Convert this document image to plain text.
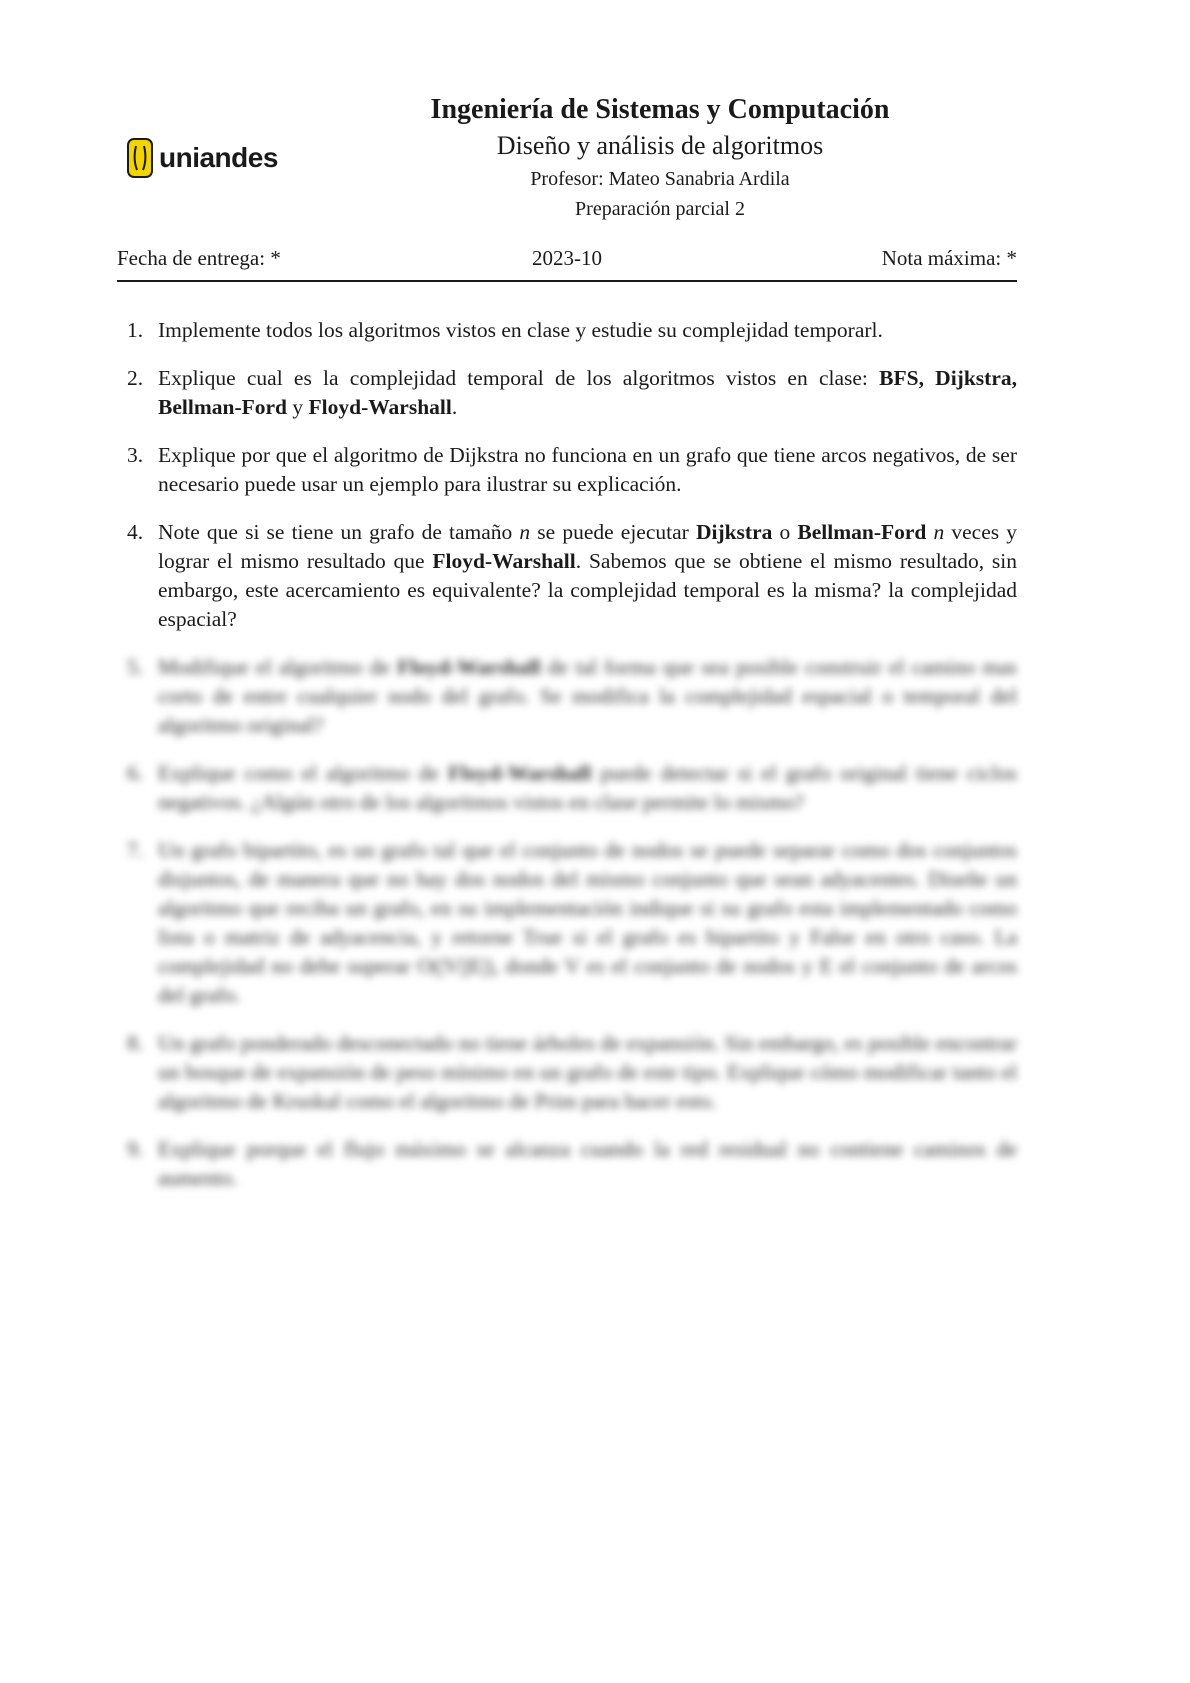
uniandes
Ingeniería de Sistemas y Computación
Diseño y análisis de algoritmos
Profesor: Mateo Sanabria Ardila
Preparación parcial 2
Fecha de entrega: *	2023-10	Nota máxima: *
1. Implemente todos los algoritmos vistos en clase y estudie su complejidad temporarl.
2. Explique cual es la complejidad temporal de los algoritmos vistos en clase: BFS, Dijkstra, Bellman-Ford y Floyd-Warshall.
3. Explique por que el algoritmo de Dijkstra no funciona en un grafo que tiene arcos negativos, de ser necesario puede usar un ejemplo para ilustrar su explicación.
4. Note que si se tiene un grafo de tamaño n se puede ejecutar Dijkstra o Bellman-Ford n veces y lograr el mismo resultado que Floyd-Warshall. Sabemos que se obtiene el mismo resultado, sin embargo, este acercamiento es equivalente? la complejidad temporal es la misma? la complejidad espacial?
5. Modifique el algoritmo de Floyd-Warshall de tal forma que sea posible construir el camino mas corto de entre cualquier nodo del grafo. Se modifica la complejidad espacial o temporal del algoritmo original?
6. Explique como el algoritmo de Floyd-Warshall puede detectar si el grafo original tiene ciclos negativos. ¿Algún otro de los algoritmos vistos en clase permite lo mismo?
7. Un grafo bipartito, es un grafo tal que el conjunto de nodos se puede separar como dos conjuntos disjuntos, de manera que no hay dos nodos del mismo conjunto que sean adyacentes. Diseñe un algoritmo que reciba un grafo, en su implementación indique si su grafo esta implementado como lista o matriz de adyacencia, y retorne True si el grafo es bipartito y False en otro caso. La complejidad no debe superar O(|V||E|), donde V es el conjunto de nodos y E el conjunto de arcos del grafo.
8. Un grafo ponderado desconectado no tiene árboles de expansión. Sin embargo, es posible encontrar un bosque de expansión de peso mínimo en un grafo de este tipo. Explique cómo modificar tanto el algoritmo de Kruskal como el algoritmo de Prim para hacer esto.
9. Explique porque el flujo máximo se alcanza cuando la red residual no contiene caminos de aumento.
